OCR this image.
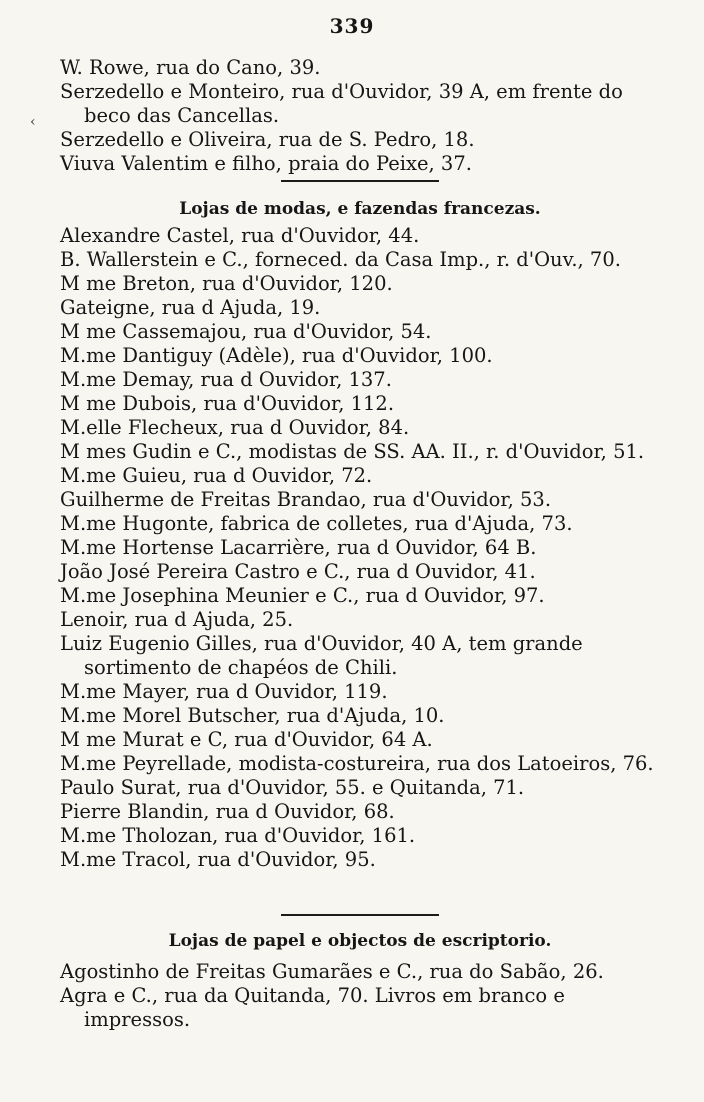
339
‹
W. Rowe, rua do Cano, 39.
Serzedello e Monteiro, rua d'Ouvidor, 39 A, em frente do
beco das Cancellas.
Serzedello e Oliveira, rua de S. Pedro, 18.
Viuva Valentim e filho, praia do Peixe, 37.
Lojas de modas, e fazendas francezas.
Alexandre Castel, rua d'Ouvidor, 44.
B. Wallerstein e C., forneced. da Casa Imp., r. d'Ouv., 70.
M me Breton, rua d'Ouvidor, 120.
Gateigne, rua d Ajuda, 19.
M me Cassemajou, rua d'Ouvidor, 54.
M.me Dantiguy (Adèle), rua d'Ouvidor, 100.
M.me Demay, rua d Ouvidor, 137.
M me Dubois, rua d'Ouvidor, 112.
M.elle Flecheux, rua d Ouvidor, 84.
M mes Gudin e C., modistas de SS. AA. II., r. d'Ouvidor, 51.
M.me Guieu, rua d Ouvidor, 72.
Guilherme de Freitas Brandao, rua d'Ouvidor, 53.
M.me Hugonte, fabrica de colletes, rua d'Ajuda, 73.
M.me Hortense Lacarrière, rua d Ouvidor, 64 B.
João José Pereira Castro e C., rua d Ouvidor, 41.
M.me Josephina Meunier e C., rua d Ouvidor, 97.
Lenoir, rua d Ajuda, 25.
Luiz Eugenio Gilles, rua d'Ouvidor, 40 A, tem grande
sortimento de chapéos de Chili.
M.me Mayer, rua d Ouvidor, 119.
M.me Morel Butscher, rua d'Ajuda, 10.
M me Murat e C, rua d'Ouvidor, 64 A.
M.me Peyrellade, modista-costureira, rua dos Latoeiros, 76.
Paulo Surat, rua d'Ouvidor, 55. e Quitanda, 71.
Pierre Blandin, rua d Ouvidor, 68.
M.me Tholozan, rua d'Ouvidor, 161.
M.me Tracol, rua d'Ouvidor, 95.
Lojas de papel e objectos de escriptorio.
Agostinho de Freitas Gumarães e C., rua do Sabão, 26.
Agra e C., rua da Quitanda, 70. Livros em branco e
impressos.
